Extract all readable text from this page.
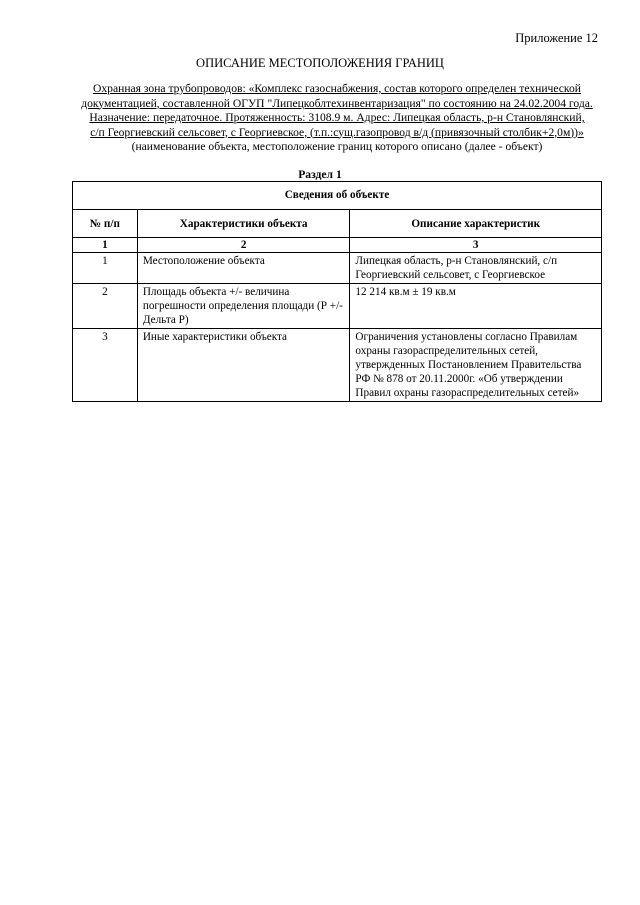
Приложение 12
ОПИСАНИЕ МЕСТОПОЛОЖЕНИЯ ГРАНИЦ
Охранная зона трубопроводов: «Комплекс газоснабжения, состав которого определен технической
документацией, составленной ОГУП "Липецкоблтехинвентаризация" по состоянию на 24.02.2004 года.
Назначение: передаточное. Протяженность: 3108.9 м. Адрес: Липецкая область, р-н Становлянский,
с/п Георгиевский сельсовет, с Георгиевское, (т.п.:сущ.газопровод в/д (привязочный столбик+2,0м))»
(наименование объекта, местоположение границ которого описано (далее - объект)
Раздел 1
Сведения об объекте		
№ п/п	Характеристики объекта	Описание характеристик
1	2	3
1	Местоположение объекта	Липецкая область, р-н Становлянский, с/п Георгиевский сельсовет, с Георгиевское
2	Площадь объекта +/- величина погрешности определения площади (Р +/- Дельта Р)	12 214 кв.м ± 19 кв.м
3	Иные характеристики объекта	Ограничения установлены согласно Правилам охраны газораспределительных сетей, утвержденных Постановлением Правительства РФ № 878 от 20.11.2000г. «Об утверждении Правил охраны газораспределительных сетей»
